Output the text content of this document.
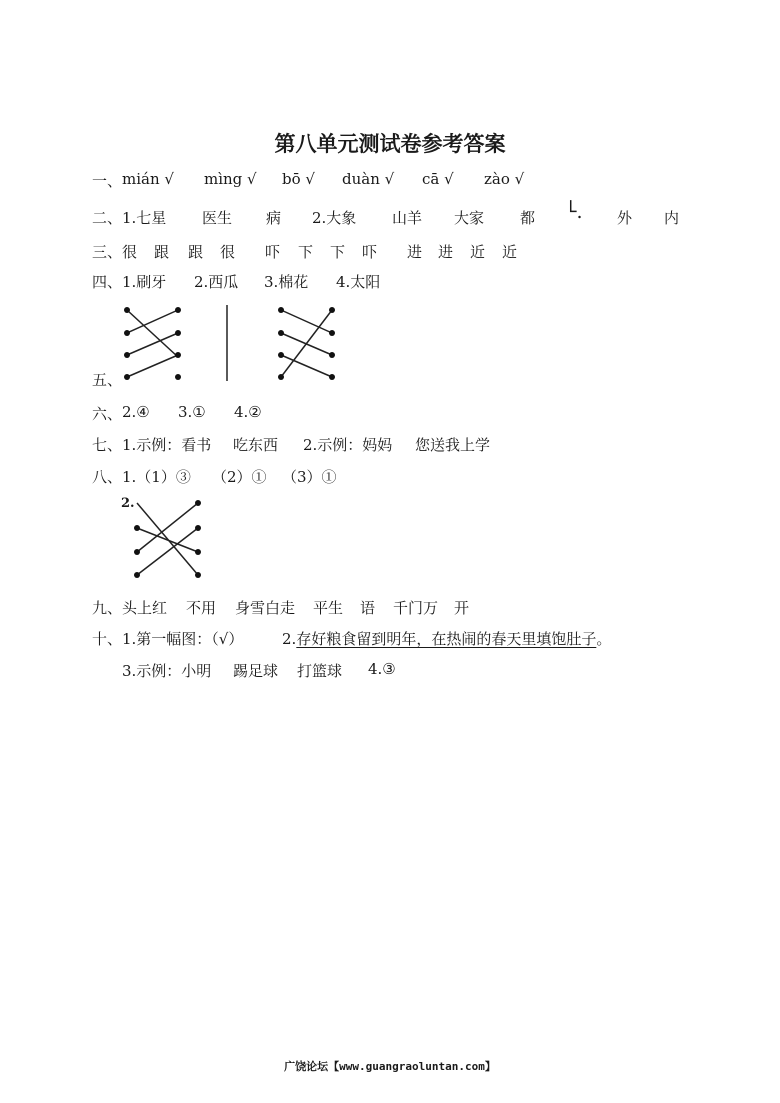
第八单元测试卷参考答案
一、 mián √ mìng √ bō √ duàn √ cā √ zào √
二、 1.七星 医生 病 2.大象 山羊 大家 都 └. 外 内
三、 很 跟 跟 很 吓 下 下 吓 进 进 近 近
四、 1.刷牙 2.西瓜 3.棉花 4.太阳
五、
六、 2.④ 3.① 4.②
七、 1.示例：看书 吃东西 2.示例：妈妈 您送我上学
八、 1.（1）③ （2）① （3）①
2.
九、 头上红 不用 身雪白走 平生 语 千门万 开
十、 1.第一幅图：（√）	2.存好粮食留到明年，在热闹的春天里填饱肚子。
3.示例：小明 踢足球 打篮球 4.③
广饶论坛【www.guangraoluntan.com】
